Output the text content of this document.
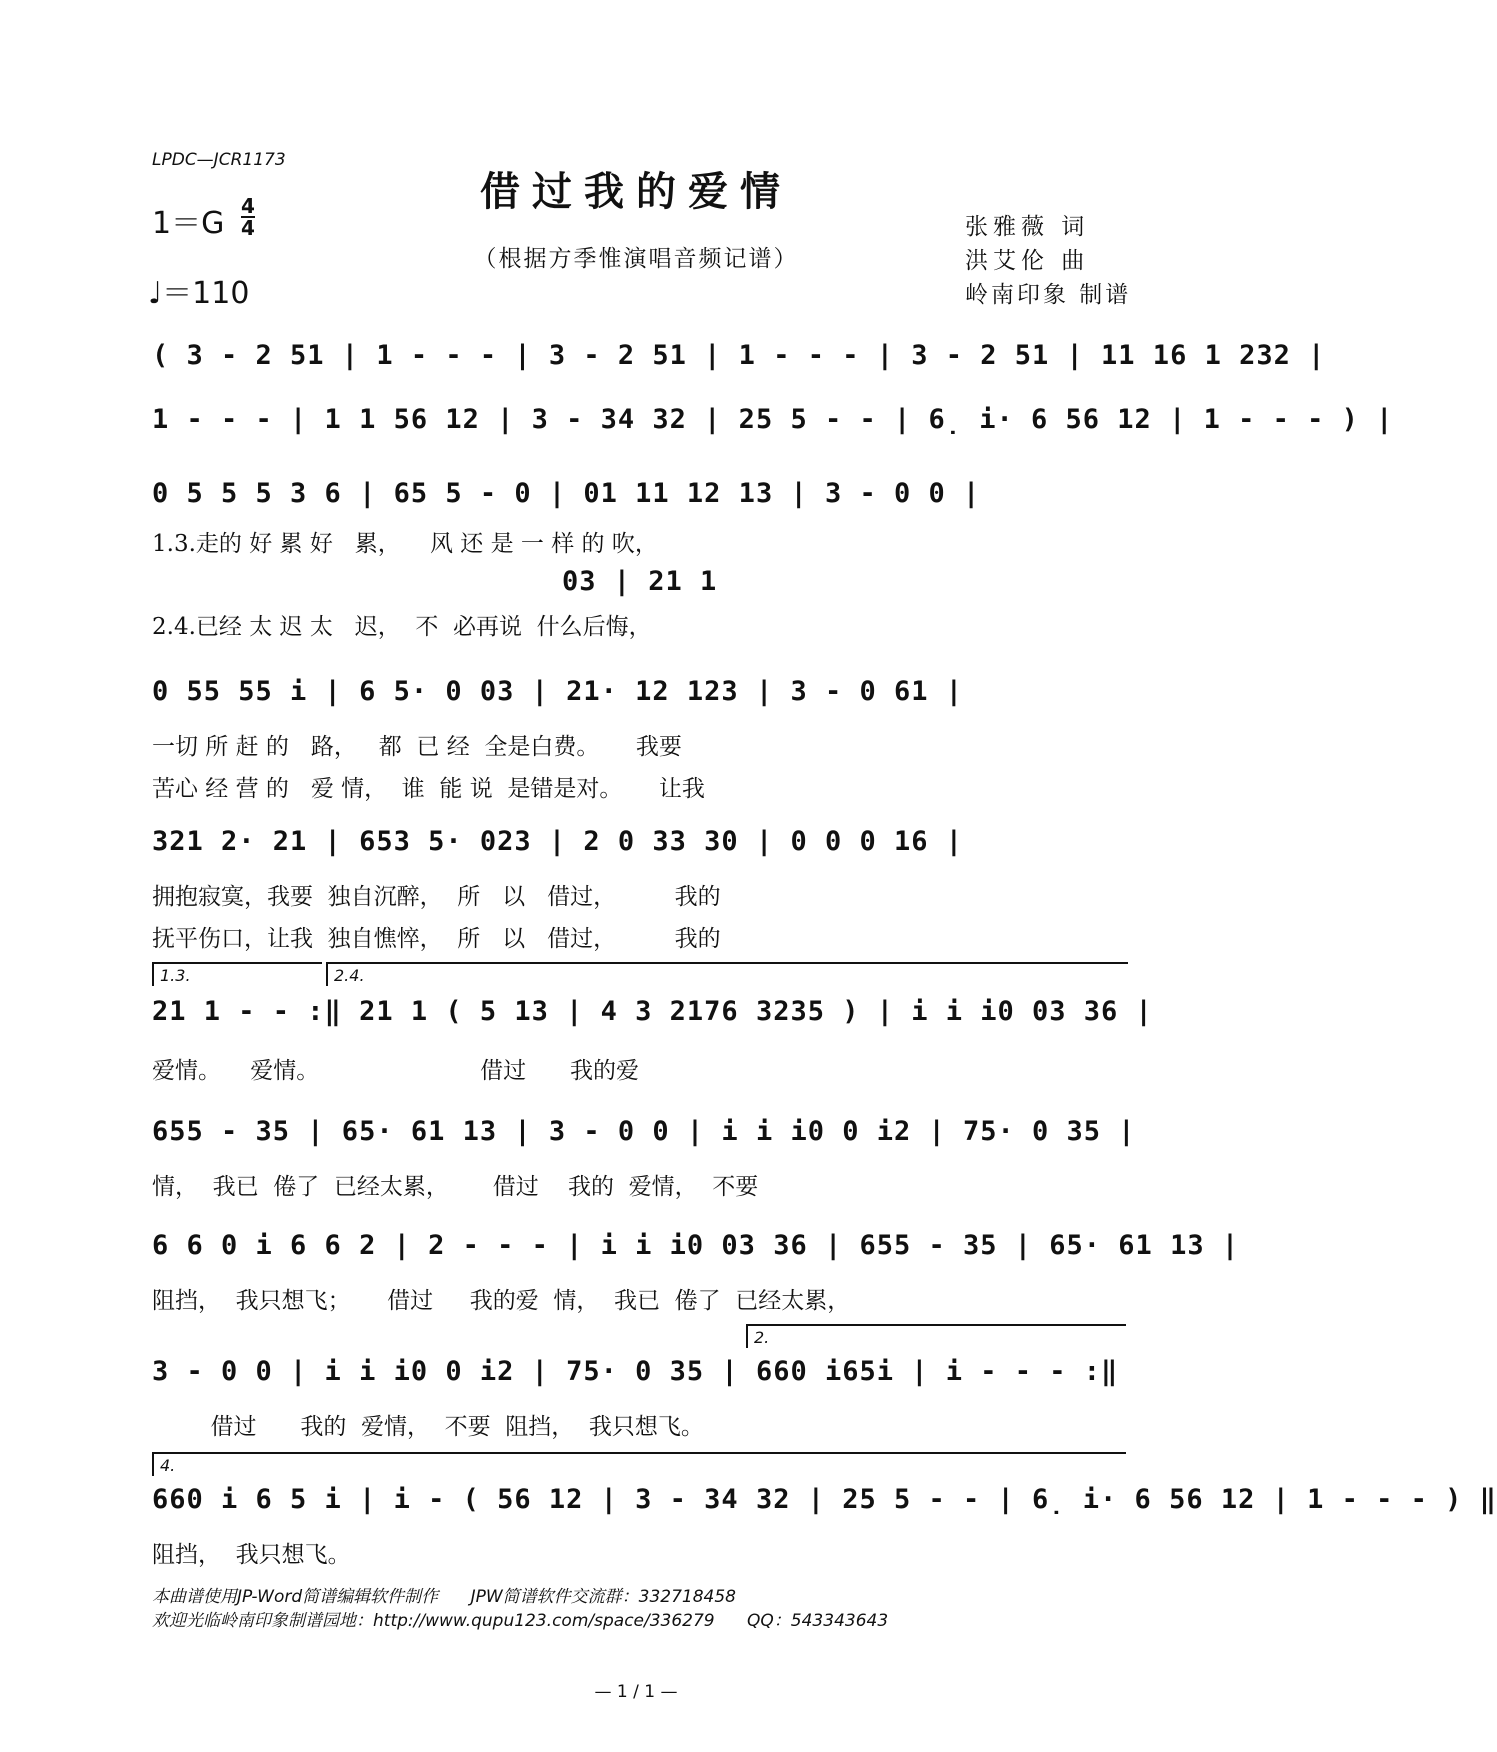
LPDC—JCR1173
借过我的爱情
（根据方季惟演唱音频记谱）
$1=G \frac{4}{4}$
♩＝110
张雅薇 词
洪艾伦 曲
岭南印象 制谱
( 3 - 2 51 | 1 - - - | 3 - 2 51 | 1 - - - | 3 - 2 51 | 11 16 1 232 |
1 - - - | 1 1 56 12 | 3 - 34 32 | 25 5 - - | 6̣ i· 6 56 12 | 1 - - - ) |
0 5 5 5 3 6 | 65 5 - 0 | 01 11 12 13 | 3 - 0 0 |
1.3.走的 好 累 好   累，    风 还 是 一 样 的 吹，
03 | 21 1
2.4.已经 太 迟 太   迟，  不  必再说  什么后悔，
0 55 55 i | 6 5· 0 03 | 21· 12 123 | 3 - 0 61 |
一切 所 赶 的   路，   都  已 经  全是白费。     我要
苦心 经 营 的   爱 情，  谁  能 说  是错是对。     让我
321 2· 21 | 653 5· 023 | 2 0 33 30 | 0 0 0 16 |
拥抱寂寞，我要  独自沉醉，  所   以   借过，        我的
抚平伤口，让我  独自憔悴，  所   以   借过，        我的
1.3.	2.4.
21 1 - - :‖ 21 1 ( 5 13 | 4 3 2176 3235 ) | i i i0 03 36 |
爱情。    爱情。                      借过      我的爱
655 - 35 | 65· 61 13 | 3 - 0 0 | i i i0 0 i2 | 75· 0 35 |
情，  我已  倦了  已经太累，      借过    我的  爱情，  不要
6 6 0 i 6 6 2 | 2 - - - | i i i0 03 36 | 655 - 35 | 65· 61 13 |
阻挡，  我只想飞；     借过     我的爱  情，  我已  倦了  已经太累，
2.
3 - 0 0 | i i i0 0 i2 | 75· 0 35 | 660 i65i | i - - - :‖
借过      我的  爱情，  不要  阻挡，  我只想飞。
4.
660 i 6 5 i | i - ( 56 12 | 3 - 34 32 | 25 5 - - | 6̣ i· 6 56 12 | 1 - - - ) ‖
阻挡，  我只想飞。
本曲谱使用JP-Word简谱编辑软件制作      JPW简谱软件交流群：332718458
欢迎光临岭南印象制谱园地：http://www.qupu123.com/space/336279      QQ：543343643
— 1 / 1 —
